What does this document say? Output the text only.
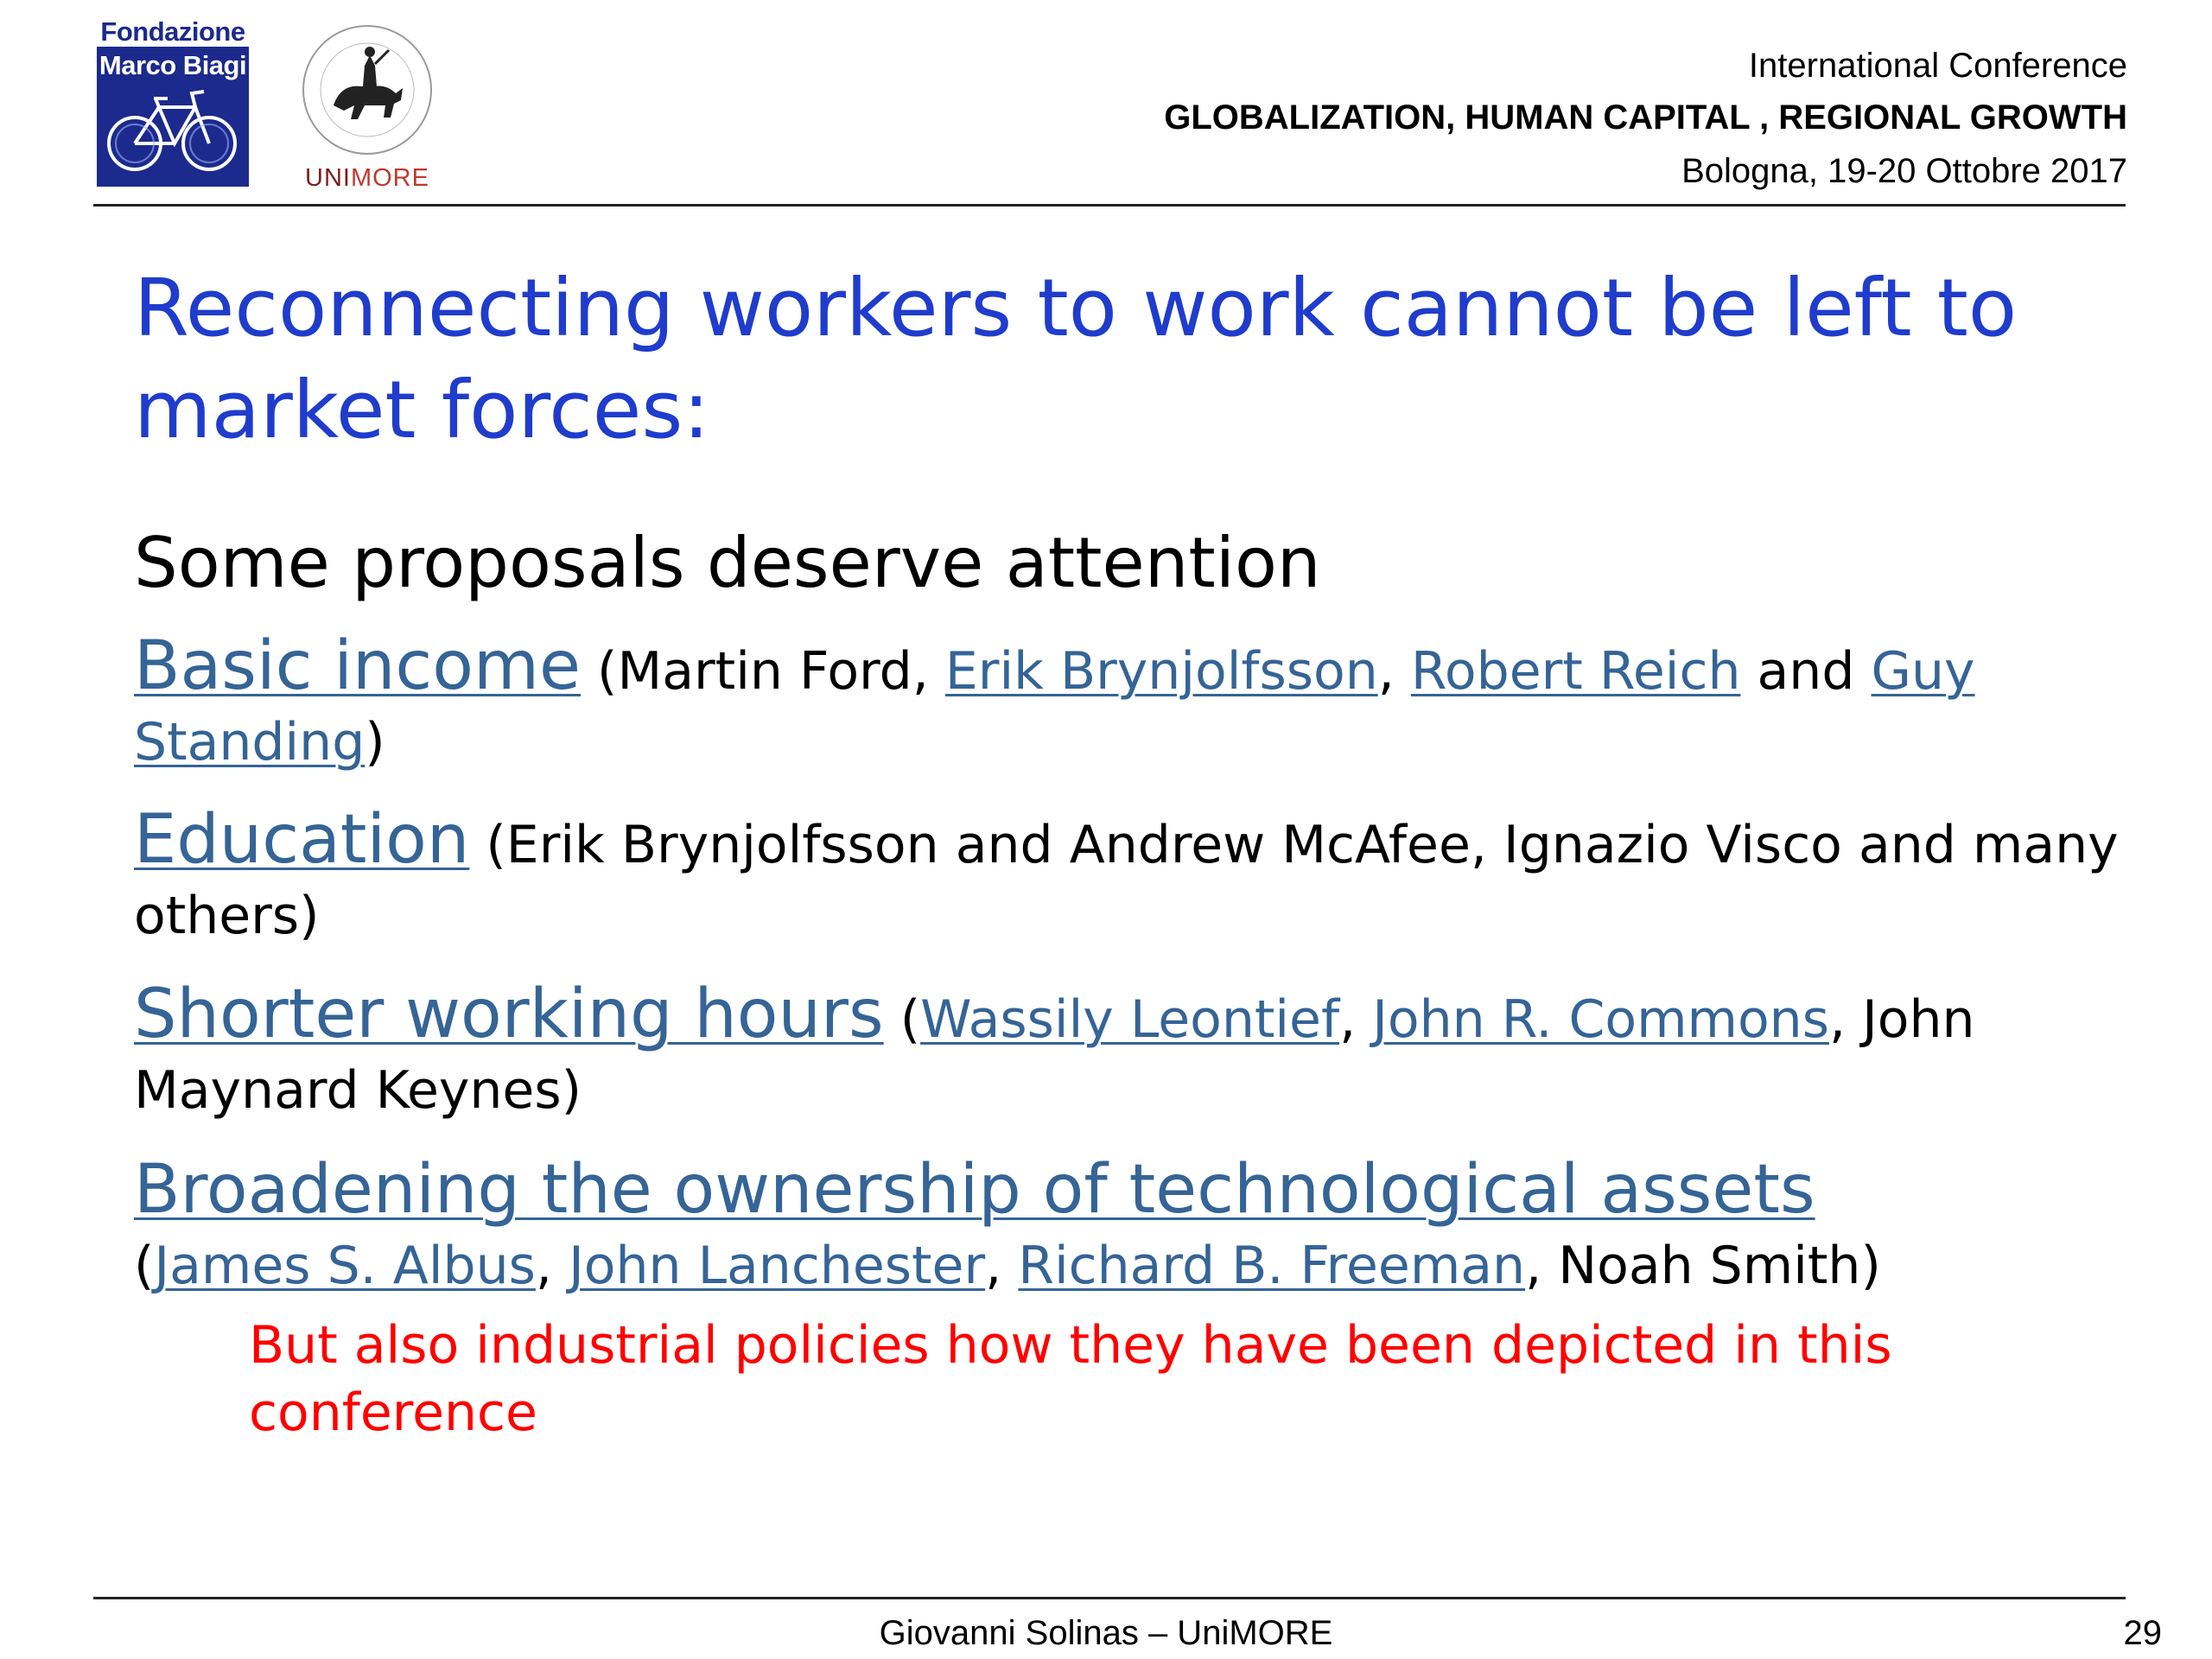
Fondazione
Marco Biagi
UNIMORE
International Conference
GLOBALIZATION, HUMAN CAPITAL , REGIONAL GROWTH
Bologna, 19-20 Ottobre 2017
Reconnecting workers to work cannot be left to market forces:
Some proposals deserve attention
Basic income (Martin Ford, Erik Brynjolfsson, Robert Reich and Guy Standing)
Education (Erik Brynjolfsson and Andrew McAfee, Ignazio Visco and many others)
Shorter working hours (Wassily Leontief, John R. Commons, John Maynard Keynes)
Broadening the ownership of technological assets
(James S. Albus, John Lanchester, Richard B. Freeman, Noah Smith)
But also industrial policies how they have been depicted in this conference
Giovanni Solinas – UniMORE	29
